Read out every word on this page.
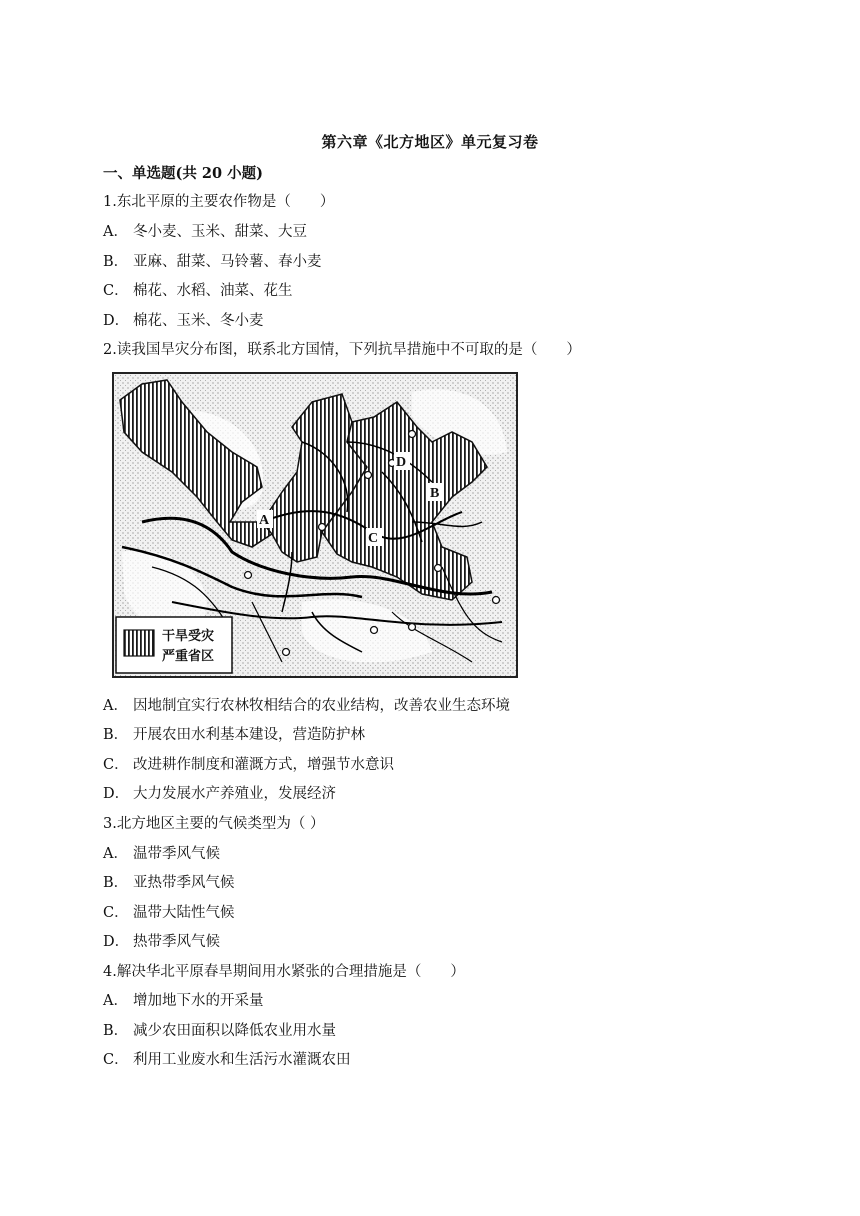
第六章《北方地区》单元复习卷
一、单选题(共 20 小题)
1.东北平原的主要农作物是（　　）
A． 冬小麦、玉米、甜菜、大豆
B． 亚麻、甜菜、马铃薯、春小麦
C． 棉花、水稻、油菜、花生
D． 棉花、玉米、冬小麦
2.读我国旱灾分布图，联系北方国情，下列抗旱措施中不可取的是（　　）
A
B
C
D
干旱受灾
严重省区
A． 因地制宜实行农林牧相结合的农业结构，改善农业生态环境
B． 开展农田水利基本建设，营造防护林
C． 改进耕作制度和灌溉方式，增强节水意识
D． 大力发展水产养殖业，发展经济
3.北方地区主要的气候类型为（ ）
A． 温带季风气候
B． 亚热带季风气候
C． 温带大陆性气候
D． 热带季风气候
4.解决华北平原春旱期间用水紧张的合理措施是（　　）
A． 增加地下水的开采量
B． 减少农田面积以降低农业用水量
C． 利用工业废水和生活污水灌溉农田
